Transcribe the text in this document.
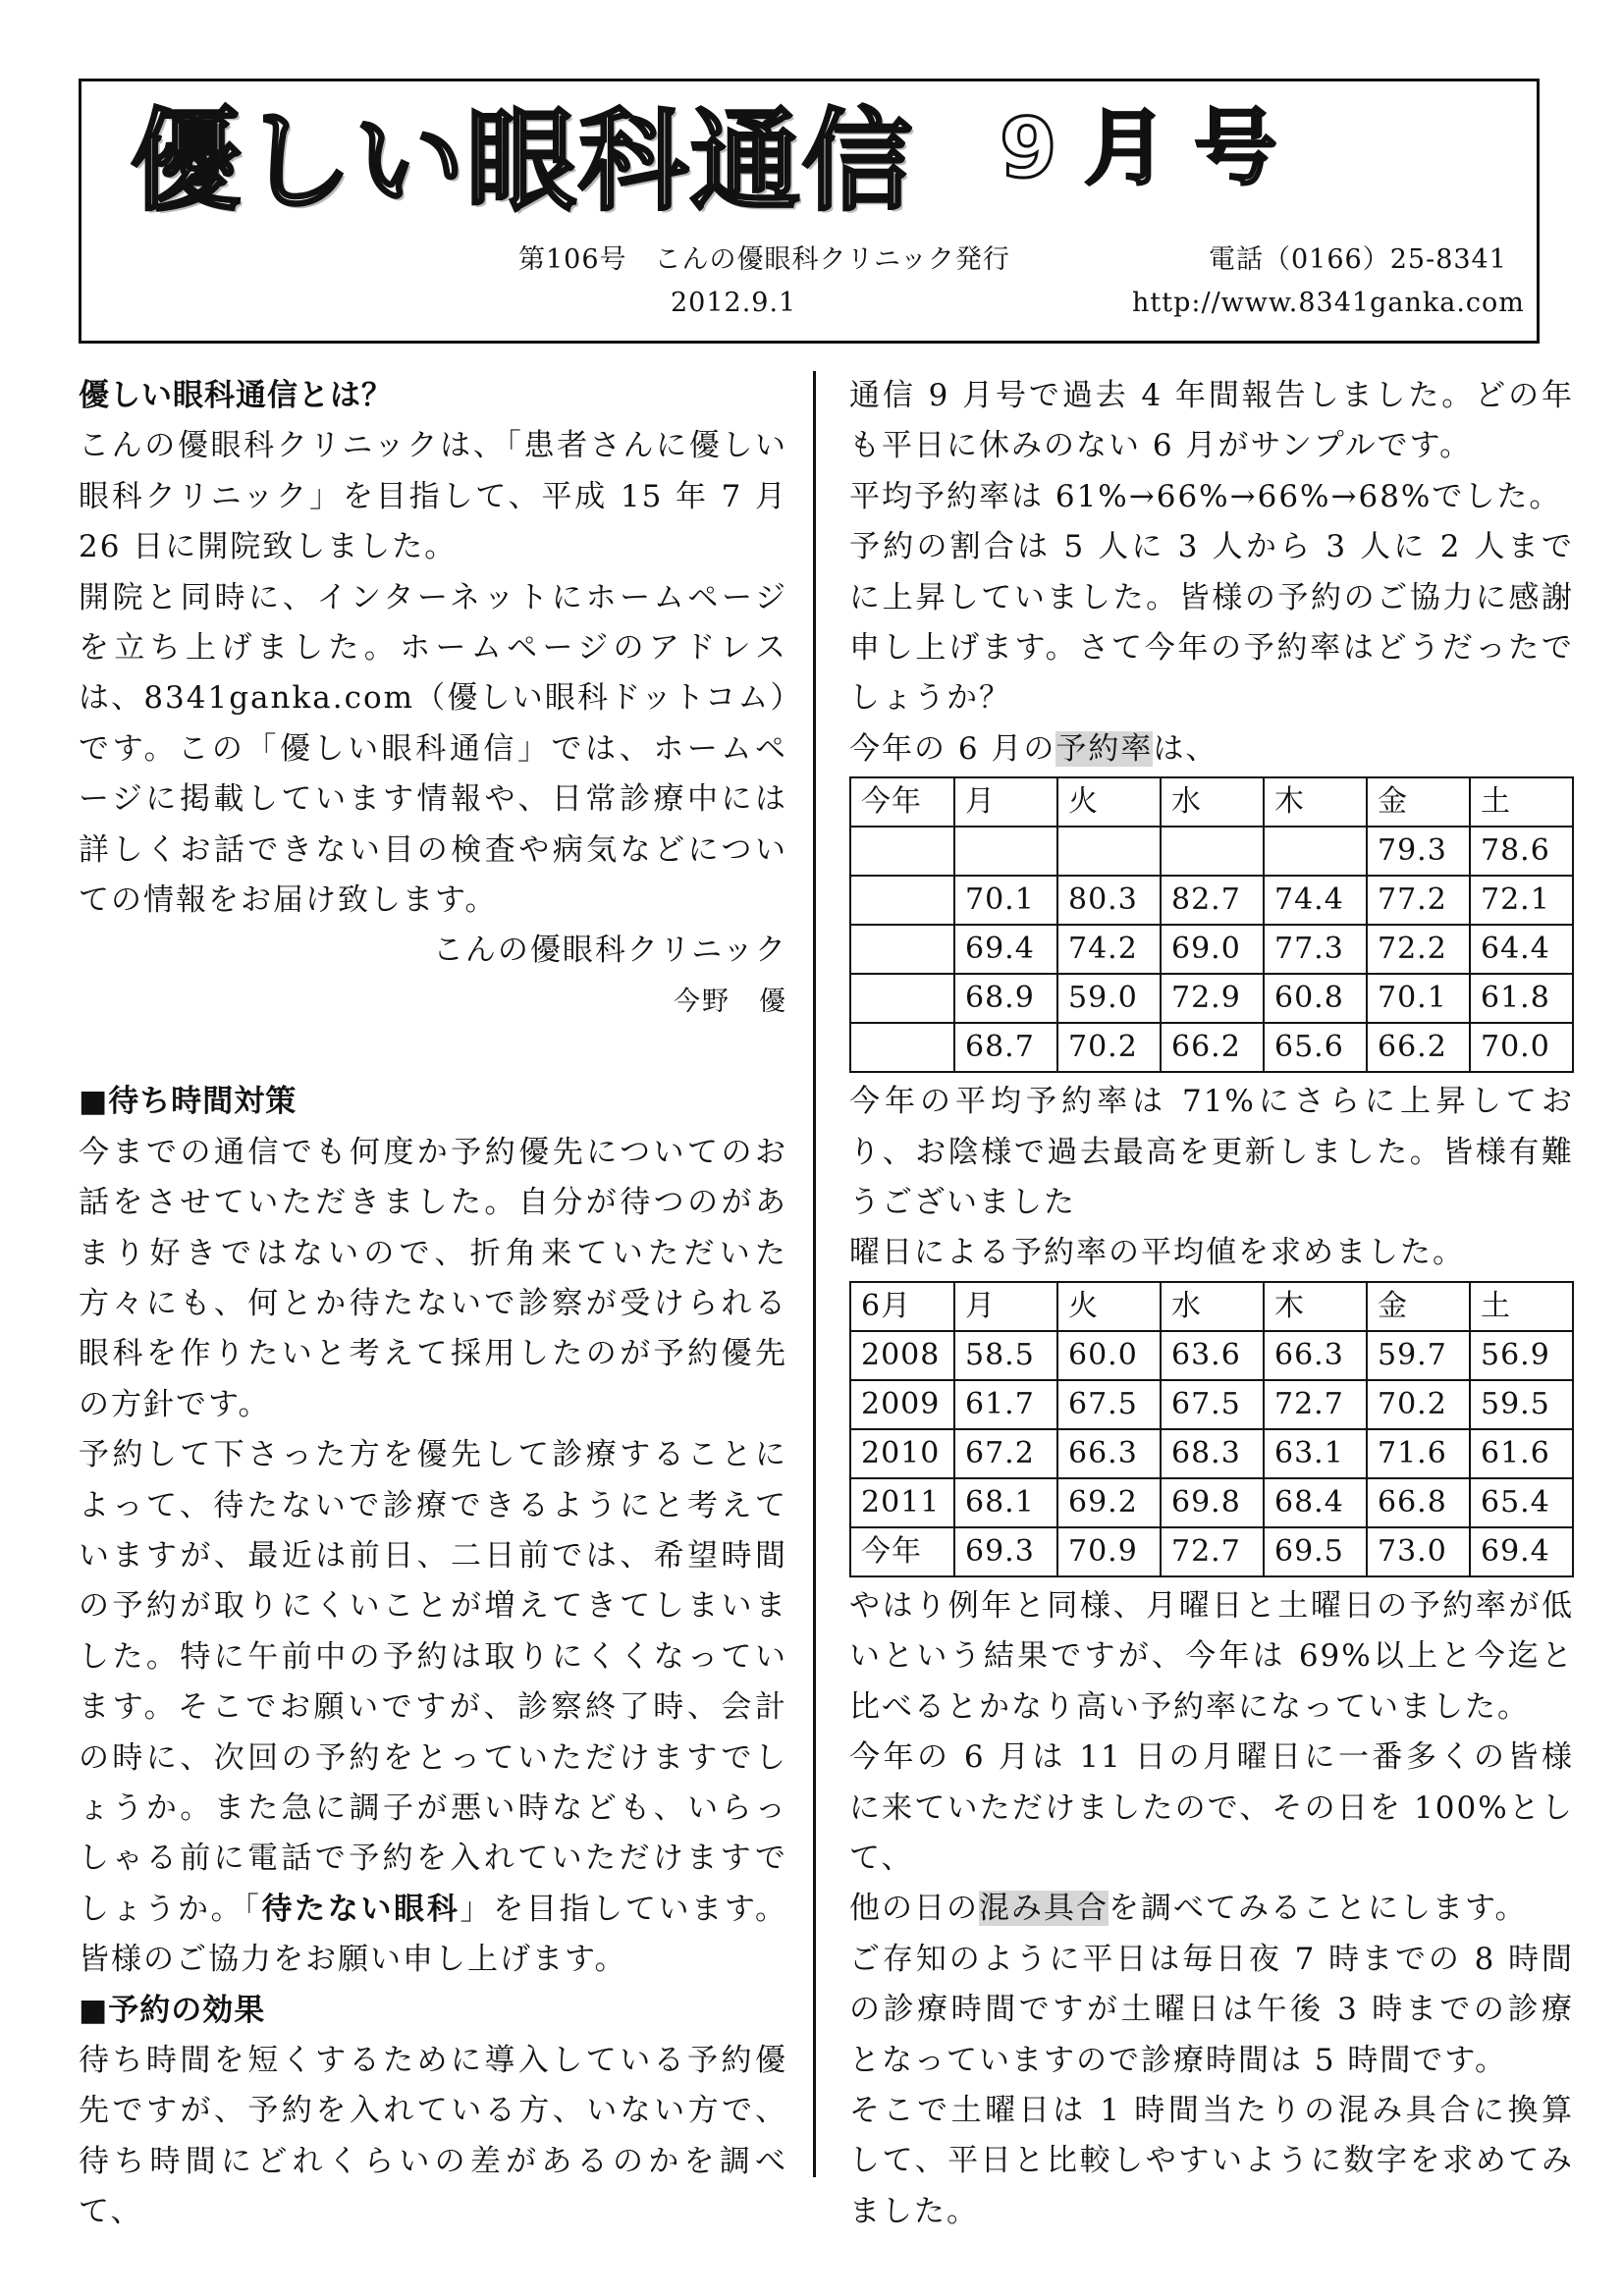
優しい眼科通信 9月号
第106号　こんの優眼科クリニック発行	電話（0166）25-8341
2012.9.1	http://www.8341ganka.com
優しい眼科通信とは？

こんの優眼科クリニックは、「患者さんに優しい眼科クリニック」を目指して、平成 15 年 7 月 26 日に開院致しました。

開院と同時に、インターネットにホームページを立ち上げました。ホームページのアドレスは、8341ganka.com（優しい眼科ドットコム）です。この「優しい眼科通信」では、ホームページに掲載しています情報や、日常診療中には詳しくお話できない目の検査や病気などについての情報をお届け致します。

こんの優眼科クリニック

今野　優

■待ち時間対策

今までの通信でも何度か予約優先についてのお話をさせていただきました。自分が待つのがあまり好きではないので、折角来ていただいた方々にも、何とか待たないで診察が受けられる眼科を作りたいと考えて採用したのが予約優先の方針です。

予約して下さった方を優先して診療することによって、待たないで診療できるようにと考えていますが、最近は前日、二日前では、希望時間の予約が取りにくいことが増えてきてしまいました。特に午前中の予約は取りにくくなっています。そこでお願いですが、診察終了時、会計の時に、次回の予約をとっていただけますでしょうか。また急に調子が悪い時なども、いらっしゃる前に電話で予約を入れていただけますでしょうか。「待たない眼科」を目指しています。皆様のご協力をお願い申し上げます。

■予約の効果

待ち時間を短くするために導入している予約優先ですが、予約を入れている方、いない方で、待ち時間にどれくらいの差があるのかを調べて、

通信 9 月号で過去 4 年間報告しました。どの年も平日に休みのない 6 月がサンプルです。

平均予約率は 61%→66%→66%→68%でした。

予約の割合は 5 人に 3 人から 3 人に 2 人までに上昇していました。皆様の予約のご協力に感謝申し上げます。さて今年の予約率はどうだったでしょうか？

今年の 6 月の予約率は、

今年	月	火	水	木	金	土
					79.3	78.6
	70.1	80.3	82.7	74.4	77.2	72.1
	69.4	74.2	69.0	77.3	72.2	64.4
	68.9	59.0	72.9	60.8	70.1	61.8
	68.7	70.2	66.2	65.6	66.2	70.0

今年の平均予約率は 71%にさらに上昇しており、お陰様で過去最高を更新しました。皆様有難うございました

曜日による予約率の平均値を求めました。

6月	月	火	水	木	金	土
2008	58.5	60.0	63.6	66.3	59.7	56.9
2009	61.7	67.5	67.5	72.7	70.2	59.5
2010	67.2	66.3	68.3	63.1	71.6	61.6
2011	68.1	69.2	69.8	68.4	66.8	65.4
今年	69.3	70.9	72.7	69.5	73.0	69.4

やはり例年と同様、月曜日と土曜日の予約率が低いという結果ですが、今年は 69%以上と今迄と比べるとかなり高い予約率になっていました。

今年の 6 月は 11 日の月曜日に一番多くの皆様に来ていただけましたので、その日を 100%として、

他の日の混み具合を調べてみることにします。

ご存知のように平日は毎日夜 7 時までの 8 時間の診療時間ですが土曜日は午後 3 時までの診療となっていますので診療時間は 5 時間です。

そこで土曜日は 1 時間当たりの混み具合に換算して、平日と比較しやすいように数字を求めてみました。
